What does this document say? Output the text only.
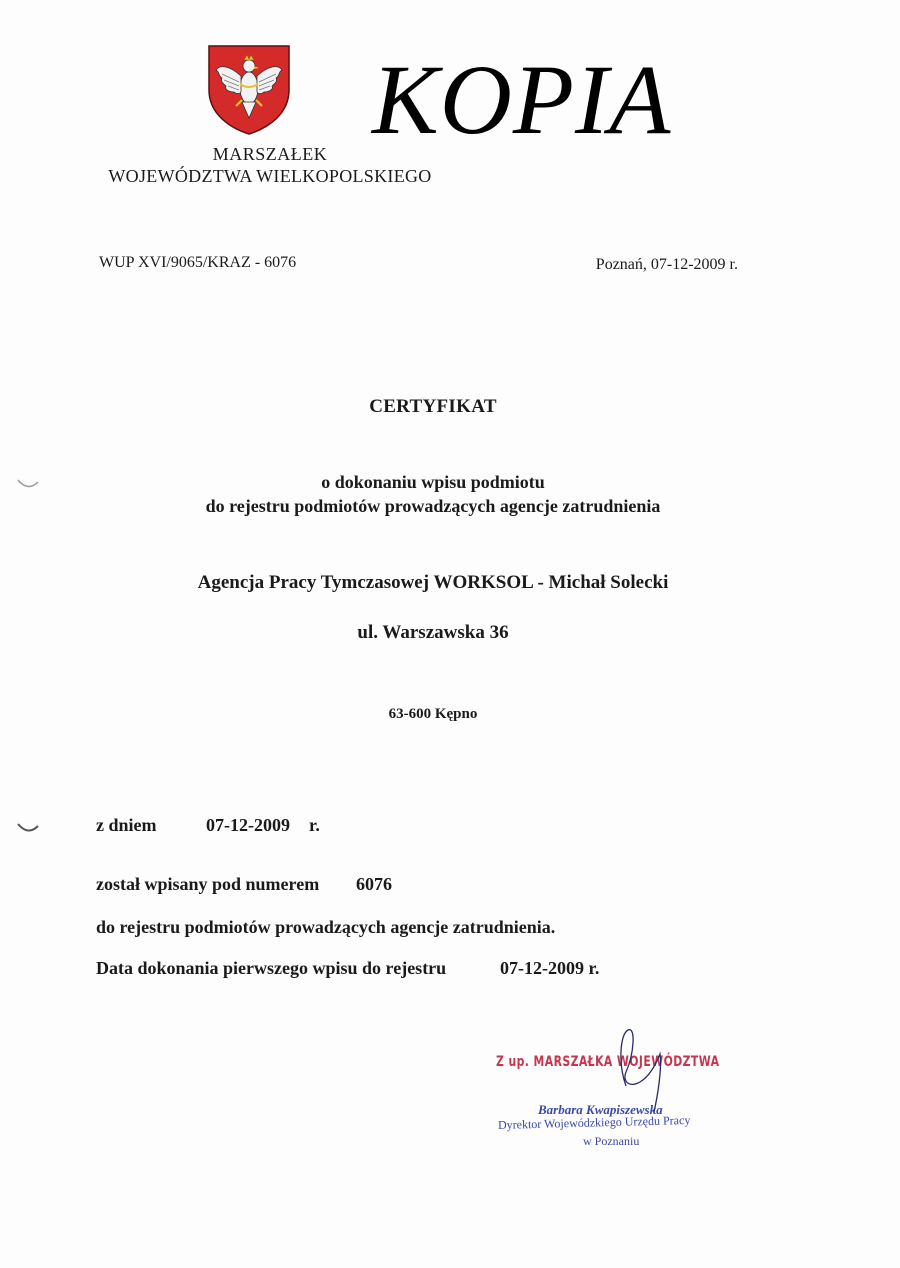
KOPIA
MARSZAŁEK
WOJEWÓDZTWA WIELKOPOLSKIEGO
WUP XVI/9065/KRAZ - 6076	Poznań, 07-12-2009 r.
CERTYFIKAT
o dokonaniu wpisu podmiotu
do rejestru podmiotów prowadzących agencje zatrudnienia
Agencja Pracy Tymczasowej WORKSOL - Michał Solecki
ul. Warszawska 36
63-600 Kępno
z dniem	07-12-2009 r.
został wpisany pod numerem 6076
do rejestru podmiotów prowadzących agencje zatrudnienia.
Data dokonania pierwszego wpisu do rejestru	07-12-2009 r.
Z up. MARSZAŁKA WOJEWÓDZTWA
Barbara Kwapiszewska
Dyrektor Wojewódzkiego Urzędu Pracy
w Poznaniu
